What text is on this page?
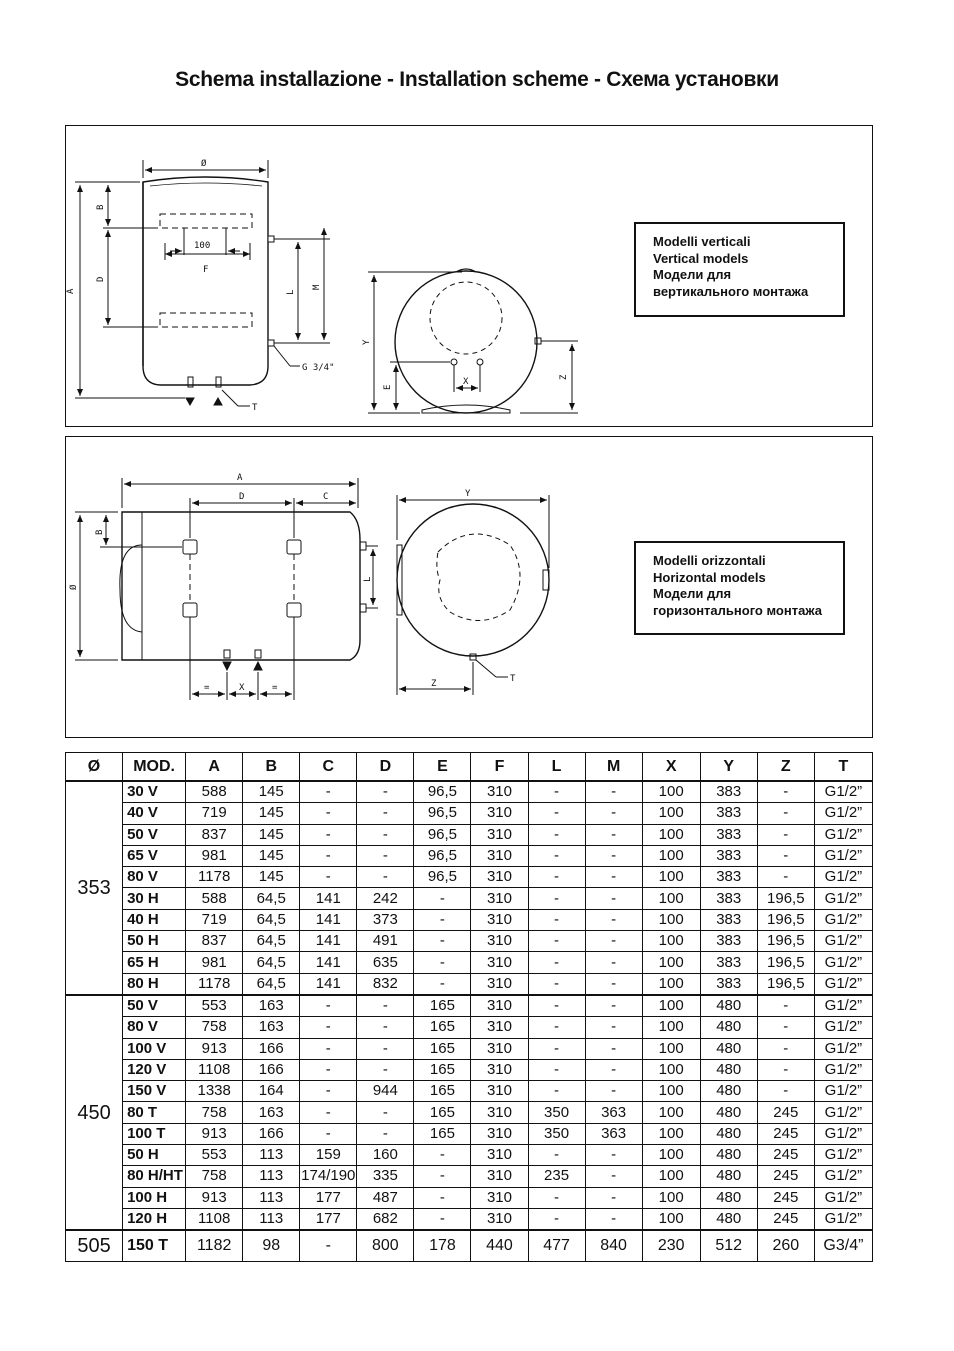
Schema installazione - Installation scheme - Схема установки
Ø
A
B
D
100
F
L
M
G 3/4"
T
Y
E
X	Z
A
D	C
Ø
B
L
=	X	=
Y
Z	T
Modelli verticali
Vertical models
Модели для
вертикального монтажа
Modelli orizzontali
Horizontal models
Модели для
горизонтального монтажа
Ø	MOD.	A	B	C	D	E	F	L	M	X	Y	Z	T
353	30 V	588	145	-	-	96,5	310	-	-	100	383	-	G1/2”
	40 V	719	145	-	-	96,5	310	-	-	100	383	-	G1/2”
	50 V	837	145	-	-	96,5	310	-	-	100	383	-	G1/2”
	65 V	981	145	-	-	96,5	310	-	-	100	383	-	G1/2”
	80 V	1178	145	-	-	96,5	310	-	-	100	383	-	G1/2”
	30 H	588	64,5	141	242	-	310	-	-	100	383	196,5	G1/2”
	40 H	719	64,5	141	373	-	310	-	-	100	383	196,5	G1/2”
	50 H	837	64,5	141	491	-	310	-	-	100	383	196,5	G1/2”
	65 H	981	64,5	141	635	-	310	-	-	100	383	196,5	G1/2”
	80 H	1178	64,5	141	832	-	310	-	-	100	383	196,5	G1/2”
450	50 V	553	163	-	-	165	310	-	-	100	480	-	G1/2”
	80 V	758	163	-	-	165	310	-	-	100	480	-	G1/2”
	100 V	913	166	-	-	165	310	-	-	100	480	-	G1/2”
	120 V	1108	166	-	-	165	310	-	-	100	480	-	G1/2”
	150 V	1338	164	-	944	165	310	-	-	100	480	-	G1/2”
	80 T	758	163	-	-	165	310	350	363	100	480	245	G1/2”
	100 T	913	166	-	-	165	310	350	363	100	480	245	G1/2”
	50 H	553	113	159	160	-	310	-	-	100	480	245	G1/2”
	80 H/HT	758	113	174/190	335	-	310	235	-	100	480	245	G1/2”
	100 H	913	113	177	487	-	310	-	-	100	480	245	G1/2”
	120 H	1108	113	177	682	-	310	-	-	100	480	245	G1/2”
505	150 T	1182	98	-	800	178	440	477	840	230	512	260	G3/4”
